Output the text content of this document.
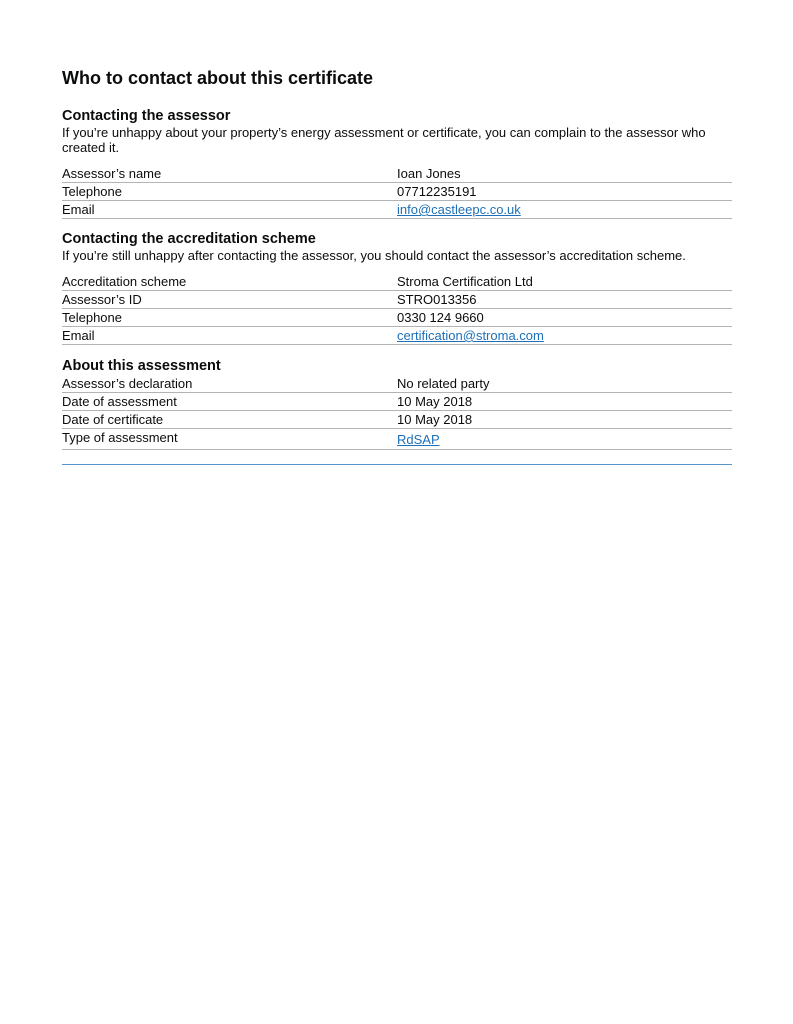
Who to contact about this certificate
Contacting the assessor

If you’re unhappy about your property’s energy assessment or certificate, you can complain to the assessor who created it.

Assessor’s name	Ioan Jones
Telephone	07712235191
Email	info@castleepc.co.uk
Contacting the accreditation scheme

If you’re still unhappy after contacting the assessor, you should contact the assessor’s accreditation scheme.

Accreditation scheme	Stroma Certification Ltd
Assessor’s ID	STRO013356
Telephone	0330 124 9660
Email	certification@stroma.com
About this assessment
Assessor’s declaration	No related party
Date of assessment	10 May 2018
Date of certificate	10 May 2018
Type of assessment	RdSAP
